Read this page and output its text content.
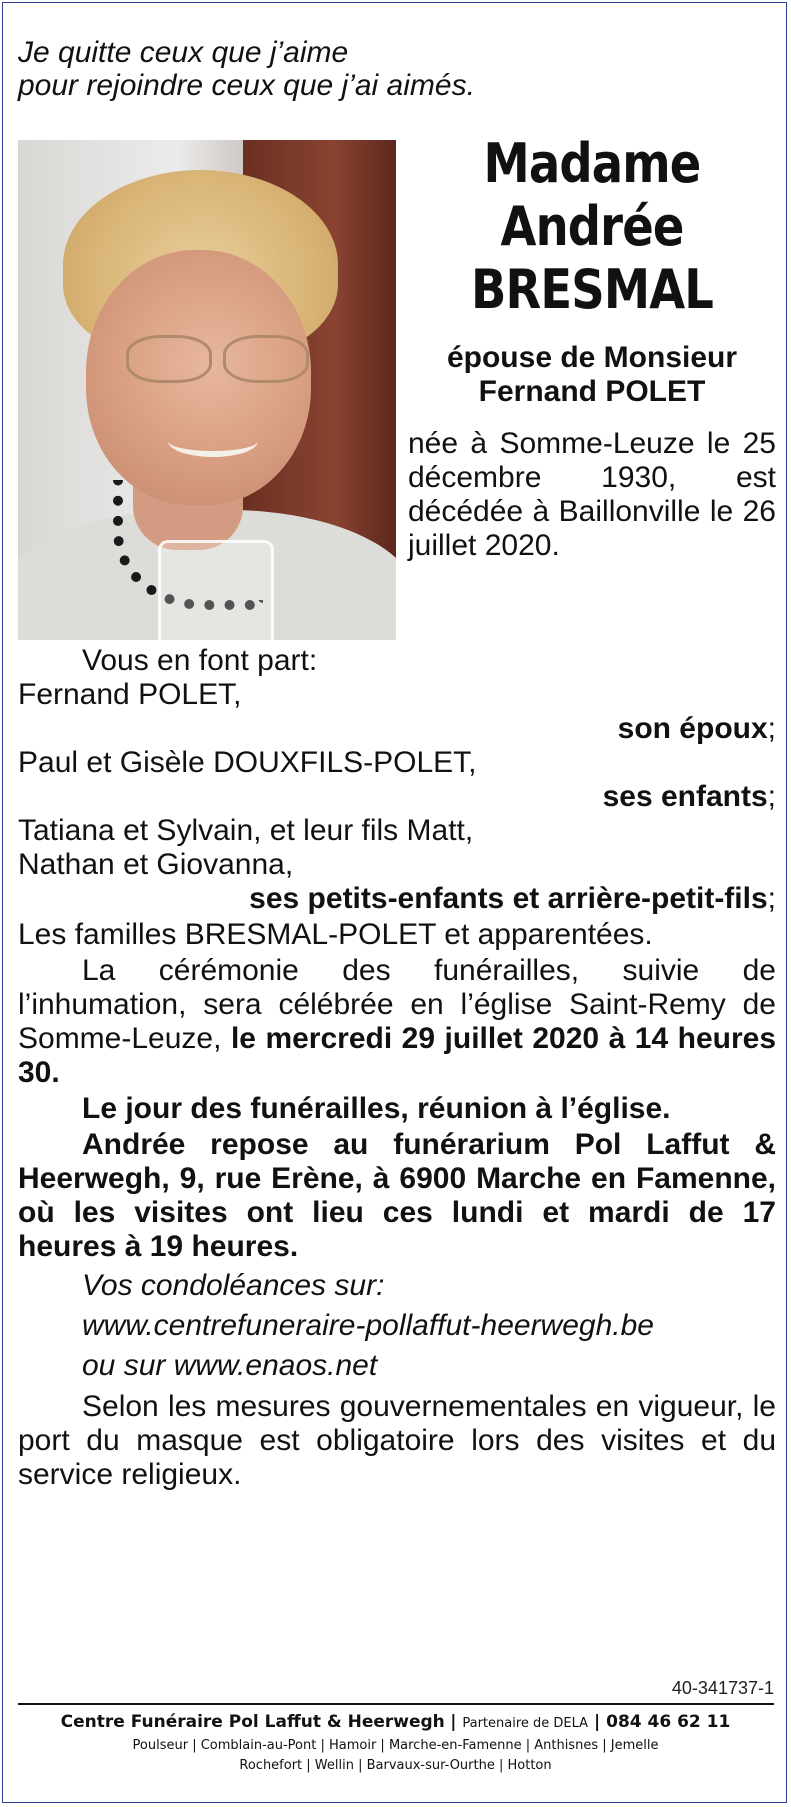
Je quitte ceux que j’aime

pour rejoindre ceux que j’ai aimés.

Madame

Andrée

BRESMAL

épouse de Monsieur
Fernand POLET

née à Somme-Leuze le 25 décembre 1930, est décédée à Baillonville le 26 juillet 2020.

Vous en font part:

Fernand POLET,

son époux;

Paul et Gisèle DOUXFILS-POLET,

ses enfants;

Tatiana et Sylvain, et leur fils Matt,

Nathan et Giovanna,

ses petits-enfants et arrière-petit-fils;

Les familles BRESMAL-POLET et apparentées.

La cérémonie des funérailles, suivie de l’inhumation, sera célébrée en l’église Saint-Remy de Somme-Leuze, le mercredi 29 juillet 2020 à 14 heures 30.

Le jour des funérailles, réunion à l’église.

Andrée repose au funérarium Pol Laffut & Heerwegh, 9, rue Erène, à 6900 Marche en Famenne, où les visites ont lieu ces lundi et mardi de 17 heures à 19 heures.

Vos condoléances sur:

www.centrefuneraire-pollaffut-heerwegh.be

ou sur www.enaos.net

Selon les mesures gouvernementales en vigueur, le port du masque est obligatoire lors des visites et du service religieux.

40-341737-1
Centre Funéraire Pol Laffut & Heerwegh | Partenaire de DELA | 084 46 62 11
Poulseur | Comblain-au-Pont | Hamoir | Marche-en-Famenne | Anthisnes | Jemelle
Rochefort | Wellin | Barvaux-sur-Ourthe | Hotton
